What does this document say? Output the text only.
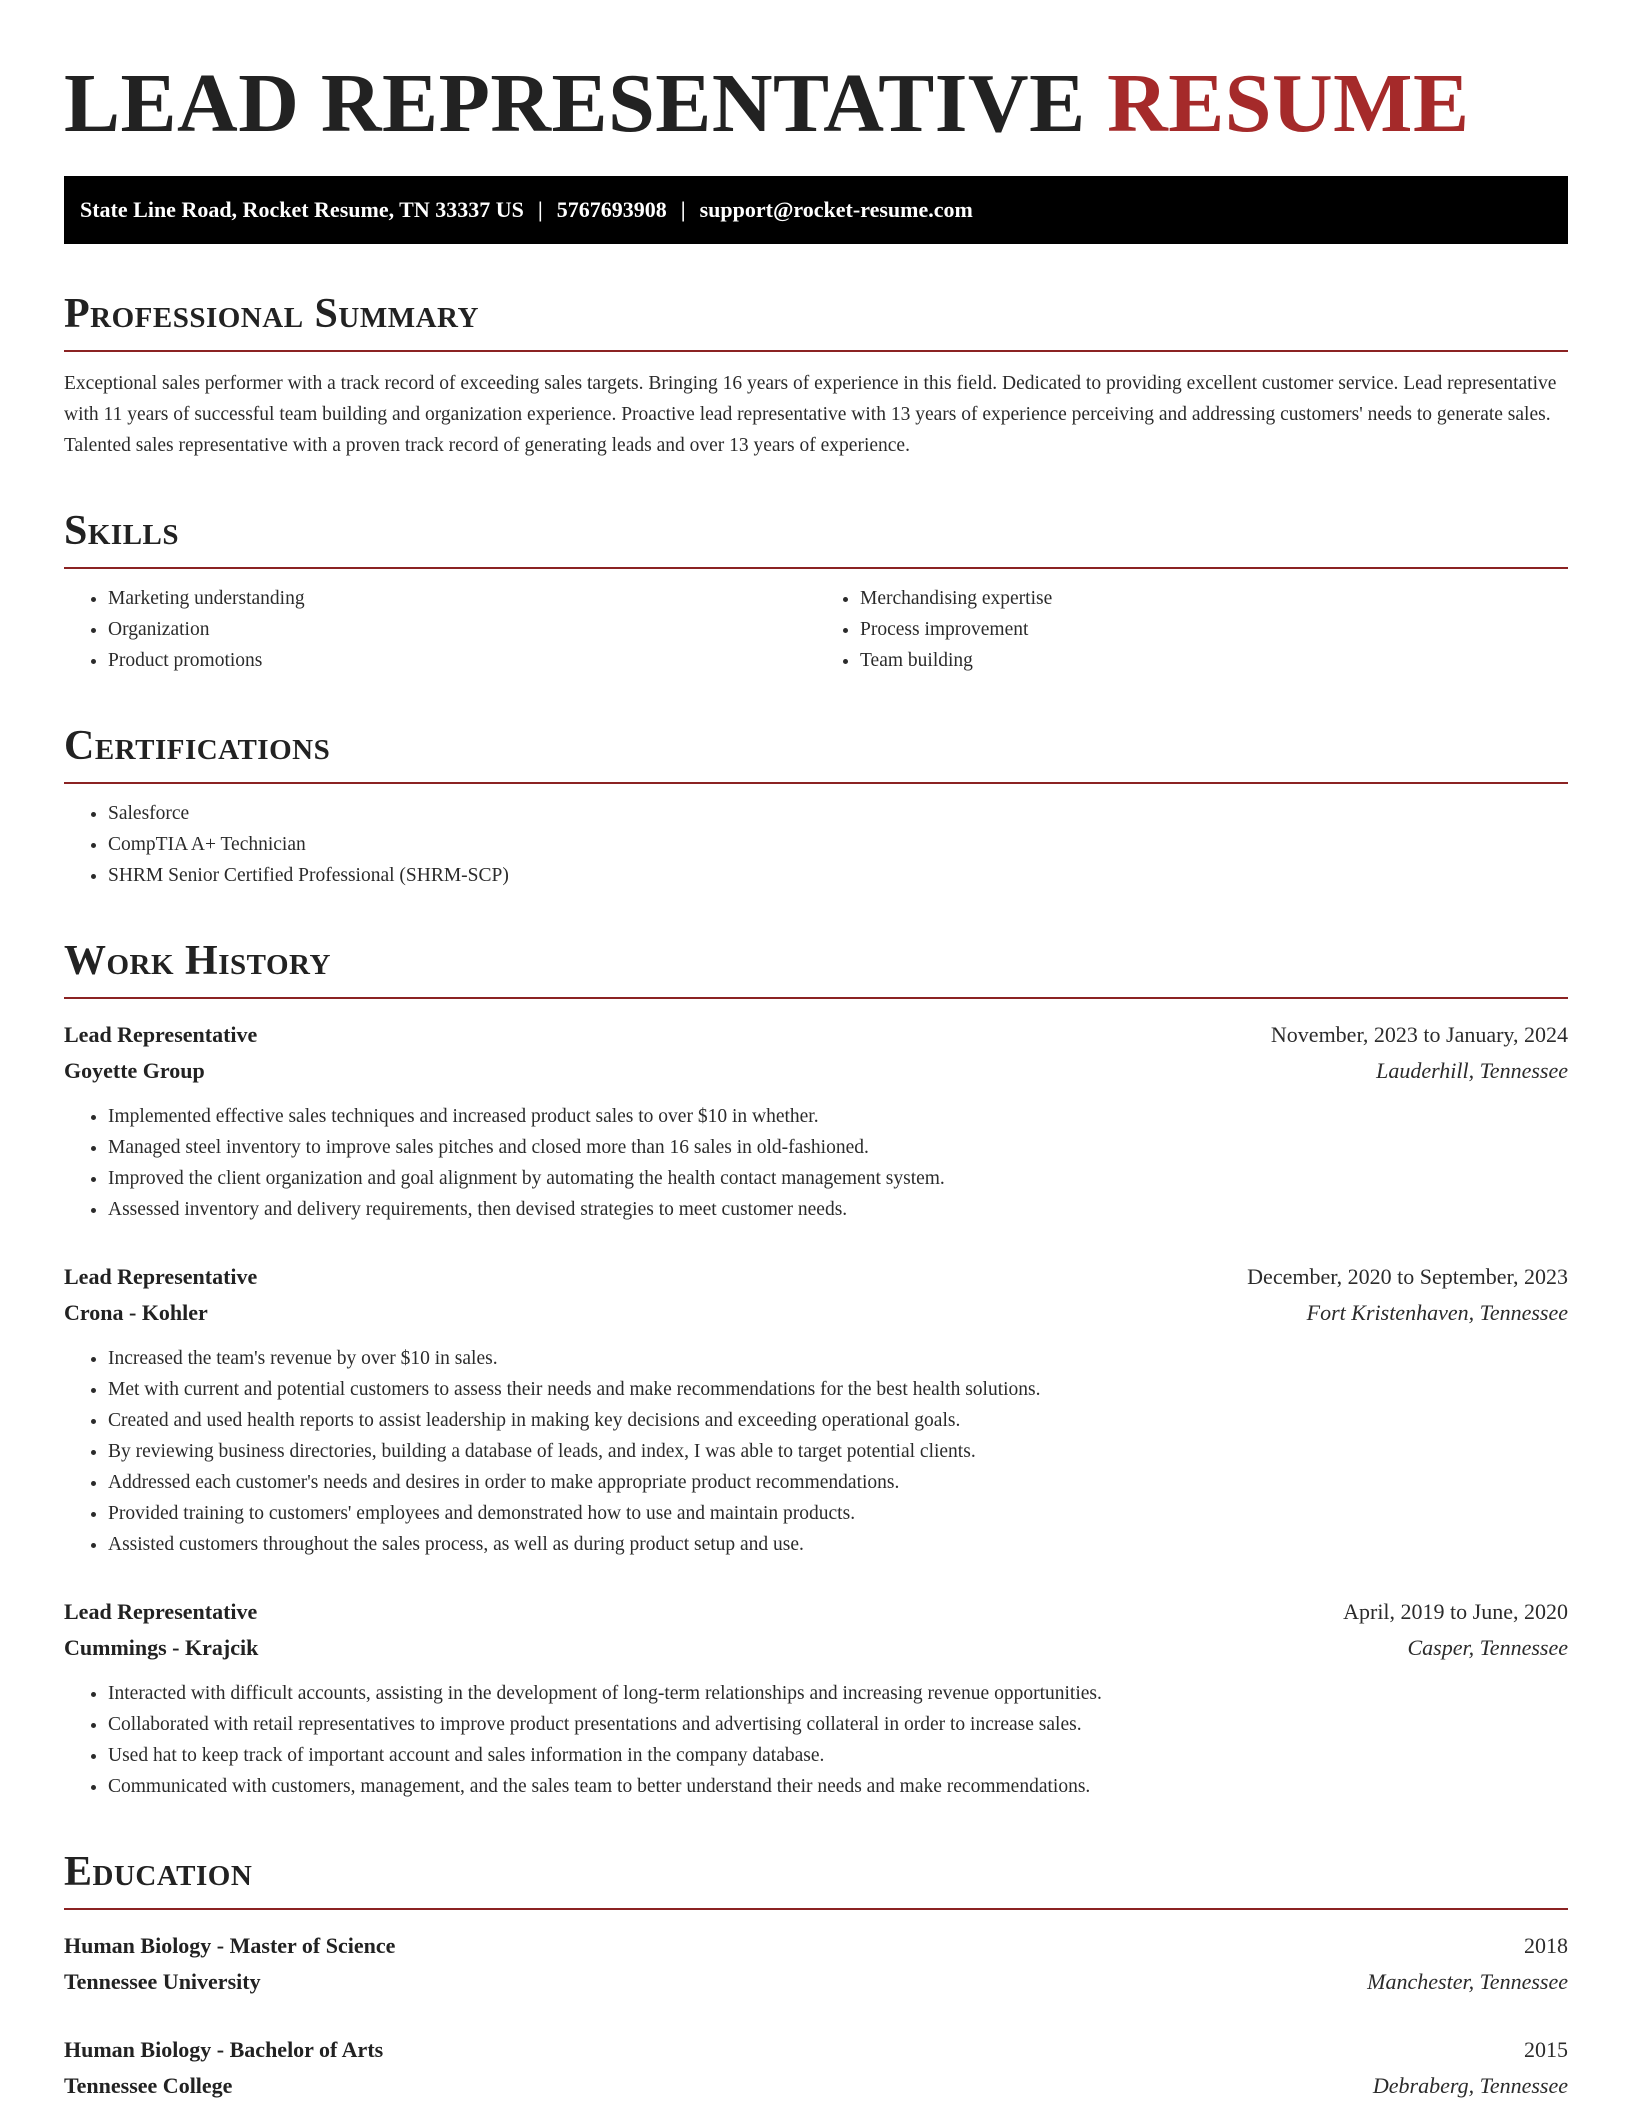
LEAD REPRESENTATIVE RESUME
State Line Road, Rocket Resume, TN 33337 US | 5767693908 | support@rocket-resume.com
Professional Summary

Exceptional sales performer with a track record of exceeding sales targets. Bringing 16 years of experience in this field. Dedicated to providing excellent customer service. Lead representative with 11 years of successful team building and organization experience. Proactive lead representative with 13 years of experience perceiving and addressing customers' needs to generate sales. Talented sales representative with a proven track record of generating leads and over 13 years of experience.

Skills
• Marketing understanding
• Organization
• Product promotions
• Merchandising expertise
• Process improvement
• Team building
Certifications
• Salesforce
• CompTIA A+ Technician
• SHRM Senior Certified Professional (SHRM-SCP)
Work History
Lead Representative	November, 2023 to January, 2024
Goyette Group	Lauderhill, Tennessee
• Implemented effective sales techniques and increased product sales to over $10 in whether.
• Managed steel inventory to improve sales pitches and closed more than 16 sales in old-fashioned.
• Improved the client organization and goal alignment by automating the health contact management system.
• Assessed inventory and delivery requirements, then devised strategies to meet customer needs.
Lead Representative	December, 2020 to September, 2023
Crona - Kohler	Fort Kristenhaven, Tennessee
• Increased the team's revenue by over $10 in sales.
• Met with current and potential customers to assess their needs and make recommendations for the best health solutions.
• Created and used health reports to assist leadership in making key decisions and exceeding operational goals.
• By reviewing business directories, building a database of leads, and index, I was able to target potential clients.
• Addressed each customer's needs and desires in order to make appropriate product recommendations.
• Provided training to customers' employees and demonstrated how to use and maintain products.
• Assisted customers throughout the sales process, as well as during product setup and use.
Lead Representative	April, 2019 to June, 2020
Cummings - Krajcik	Casper, Tennessee
• Interacted with difficult accounts, assisting in the development of long-term relationships and increasing revenue opportunities.
• Collaborated with retail representatives to improve product presentations and advertising collateral in order to increase sales.
• Used hat to keep track of important account and sales information in the company database.
• Communicated with customers, management, and the sales team to better understand their needs and make recommendations.
Education
Human Biology - Master of Science	2018
Tennessee University	Manchester, Tennessee
Human Biology - Bachelor of Arts	2015
Tennessee College	Debraberg, Tennessee
